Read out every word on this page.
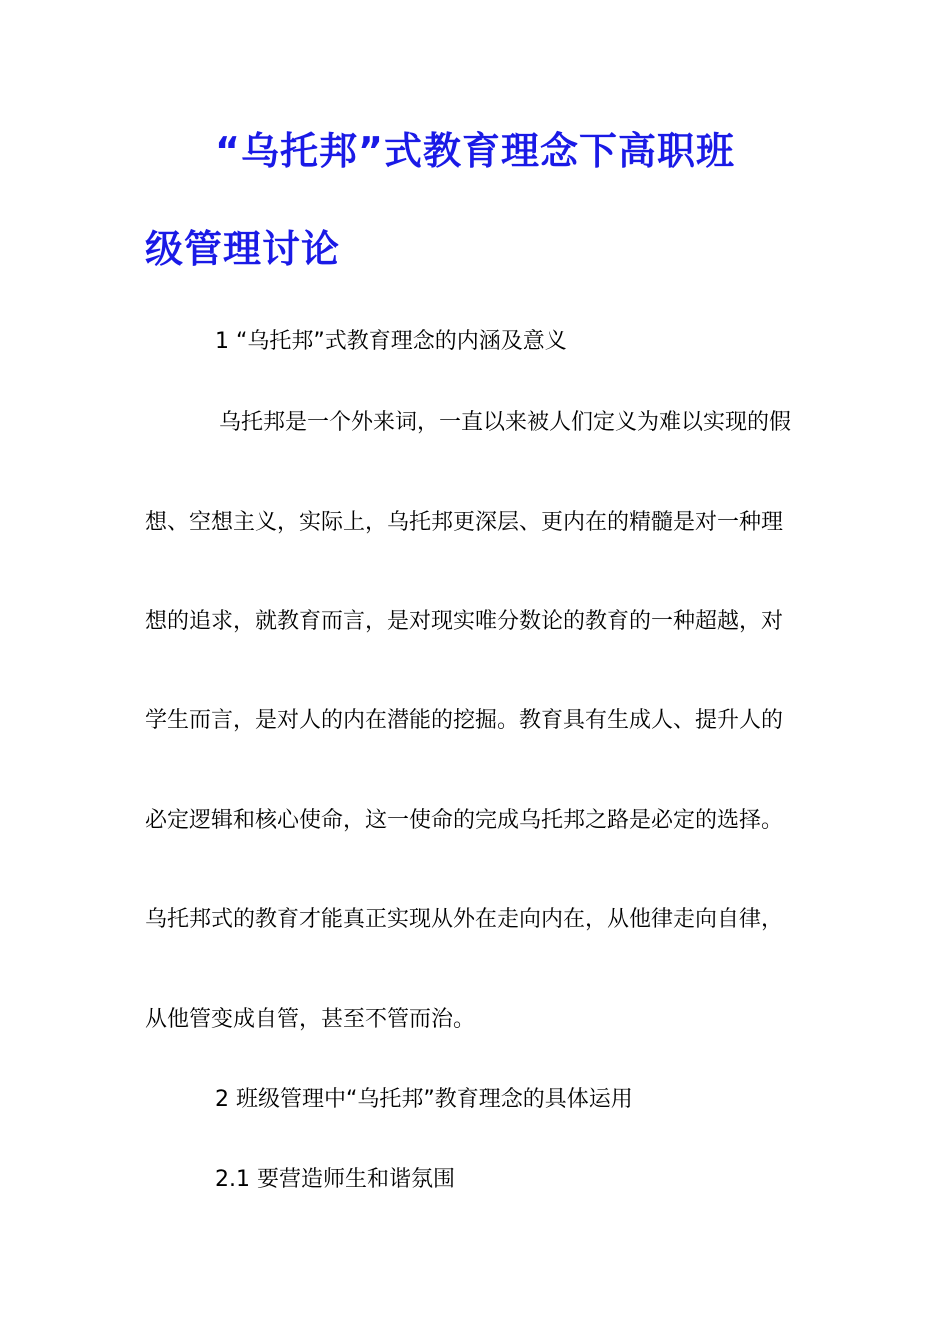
“乌托邦”式教育理念下高职班
级管理讨论
1 “乌托邦”式教育理念的内涵及意义
乌托邦是一个外来词，一直以来被人们定义为难以实现的假
想、空想主义，实际上，乌托邦更深层、更内在的精髓是对一种理
想的追求，就教育而言，是对现实唯分数论的教育的一种超越，对
学生而言，是对人的内在潜能的挖掘。教育具有生成人、提升人的
必定逻辑和核心使命，这一使命的完成乌托邦之路是必定的选择。
乌托邦式的教育才能真正实现从外在走向内在，从他律走向自律，
从他管变成自管，甚至不管而治。
2 班级管理中“乌托邦”教育理念的具体运用
2.1 要营造师生和谐氛围
